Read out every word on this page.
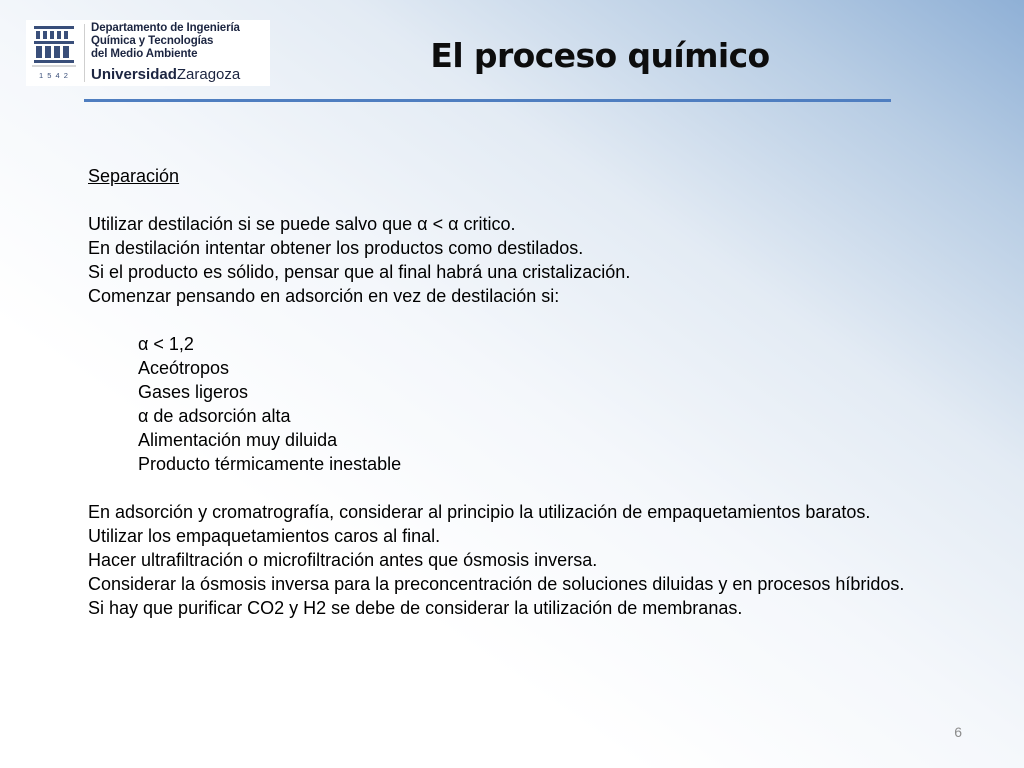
1 5 4 2
Departamento de Ingeniería
Química y Tecnologías
del Medio Ambiente
UniversidadZaragoza	El proceso químico

Separación

Utilizar destilación si se puede salvo que α < α critico.

En destilación intentar obtener los productos como destilados.

Si el producto es sólido, pensar que al final habrá una cristalización.

Comenzar pensando en adsorción en vez de destilación si:

α < 1,2

Aceótropos

Gases ligeros

α de adsorción alta

Alimentación muy diluida

Producto térmicamente inestable

En adsorción y cromatrografía, considerar al principio la utilización de empaquetamientos baratos.

Utilizar los empaquetamientos caros al final.

Hacer ultrafiltración o microfiltración antes que ósmosis inversa.

Considerar la ósmosis inversa para la preconcentración de soluciones diluidas y en procesos híbridos.

Si hay que purificar CO2 y H2 se debe de considerar la utilización de membranas.

6
